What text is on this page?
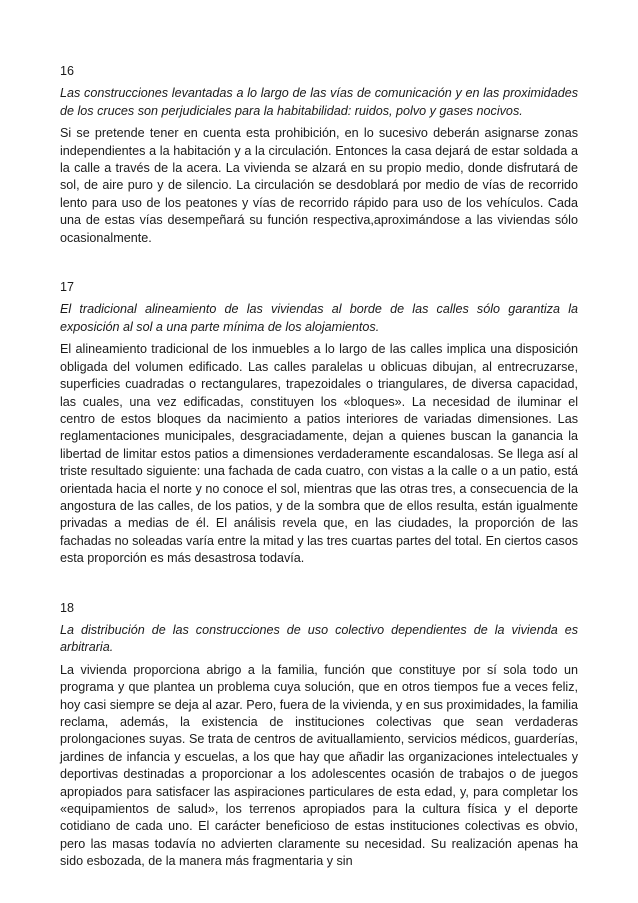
16

Las construcciones levantadas a lo largo de las vías de comunicación y en las proximidades de los cruces son perjudiciales para la habitabilidad: ruidos, polvo y gases nocivos.

Si se pretende tener en cuenta esta prohibición, en lo sucesivo deberán asignarse zonas independientes a la habitación y a la circulación. Entonces la casa dejará de estar soldada a la calle a través de la acera. La vivienda se alzará en su propio medio, donde disfrutará de sol, de aire puro y de silencio. La circulación se desdoblará por medio de vías de recorrido lento para uso de los peatones y vías de recorrido rápido para uso de los vehículos. Cada una de estas vías desempeñará su función respectiva,aproximándose a las viviendas sólo ocasionalmente.

17

El tradicional alineamiento de las viviendas al borde de las calles sólo garantiza la exposición al sol a una parte mínima de los alojamientos.

El alineamiento tradicional de los inmuebles a lo largo de las calles implica una disposición obligada del volumen edificado. Las calles paralelas u oblicuas dibujan, al entrecruzarse, superficies cuadradas o rectangulares, trapezoidales o triangulares, de diversa capacidad, las cuales, una vez edificadas, constituyen los «bloques». La necesidad de iluminar el centro de estos bloques da nacimiento a patios interiores de variadas dimensiones. Las reglamentaciones municipales, desgraciadamente, dejan a quienes buscan la ganancia la libertad de limitar estos patios a dimensiones verdaderamente escandalosas. Se llega así al triste resultado siguiente: una fachada de cada cuatro, con vistas a la calle o a un patio, está orientada hacia el norte y no conoce el sol, mientras que las otras tres, a consecuencia de la angostura de las calles, de los patios, y de la sombra que de ellos resulta, están igualmente privadas a medias de él. El análisis revela que, en las ciudades, la proporción de las fachadas no soleadas varía entre la mitad y las tres cuartas partes del total. En ciertos casos esta proporción es más desastrosa todavía.

18

La distribución de las construcciones de uso colectivo dependientes de la vivienda es arbitraria.

La vivienda proporciona abrigo a la familia, función que constituye por sí sola todo un programa y que plantea un problema cuya solución, que en otros tiempos fue a veces feliz, hoy casi siempre se deja al azar. Pero, fuera de la vivienda, y en sus proximidades, la familia reclama, además, la existencia de instituciones colectivas que sean verdaderas prolongaciones suyas. Se trata de centros de avituallamiento, servicios médicos, guarderías, jardines de infancia y escuelas, a los que hay que añadir las organizaciones intelectuales y deportivas destinadas a proporcionar a los adolescentes ocasión de trabajos o de juegos apropiados para satisfacer las aspiraciones particulares de esta edad, y, para completar los «equipamientos de salud», los terrenos apropiados para la cultura física y el deporte cotidiano de cada uno. El carácter beneficioso de estas instituciones colectivas es obvio, pero las masas todavía no advierten claramente su necesidad. Su realización apenas ha sido esbozada, de la manera más fragmentaria y sin
